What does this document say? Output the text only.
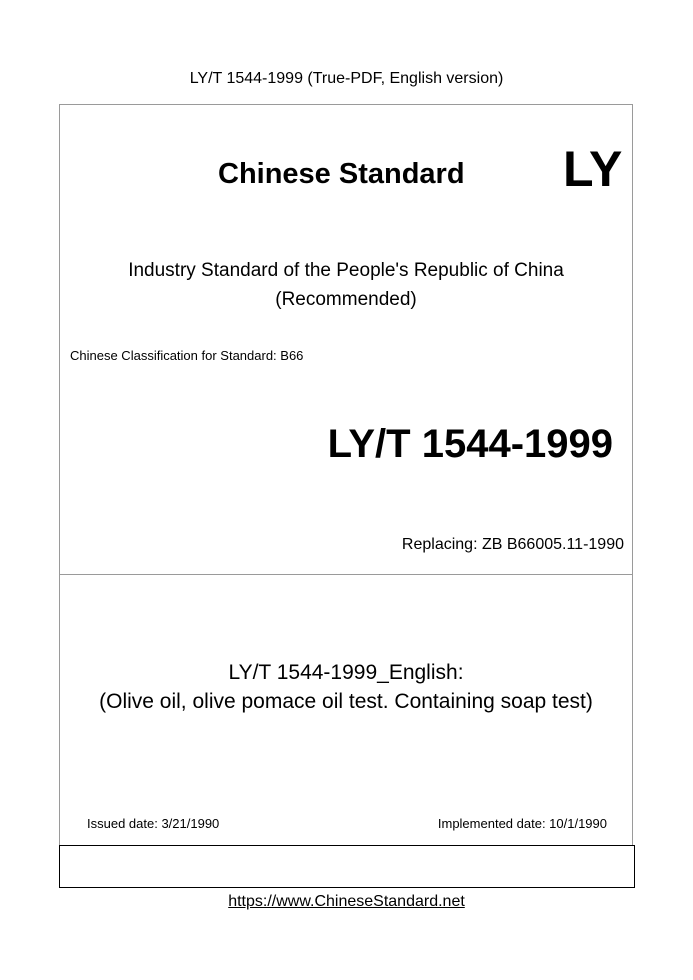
LY/T 1544-1999 (True-PDF, English version)
Chinese Standard LY
Industry Standard of the People's Republic of China
(Recommended)
Chinese Classification for Standard: B66
LY/T 1544-1999
Replacing: ZB B66005.11-1990
LY/T 1544-1999_English:
(Olive oil, olive pomace oil test. Containing soap test)
Issued date: 3/21/1990	Implemented date: 10/1/1990
https://www.ChineseStandard.net
